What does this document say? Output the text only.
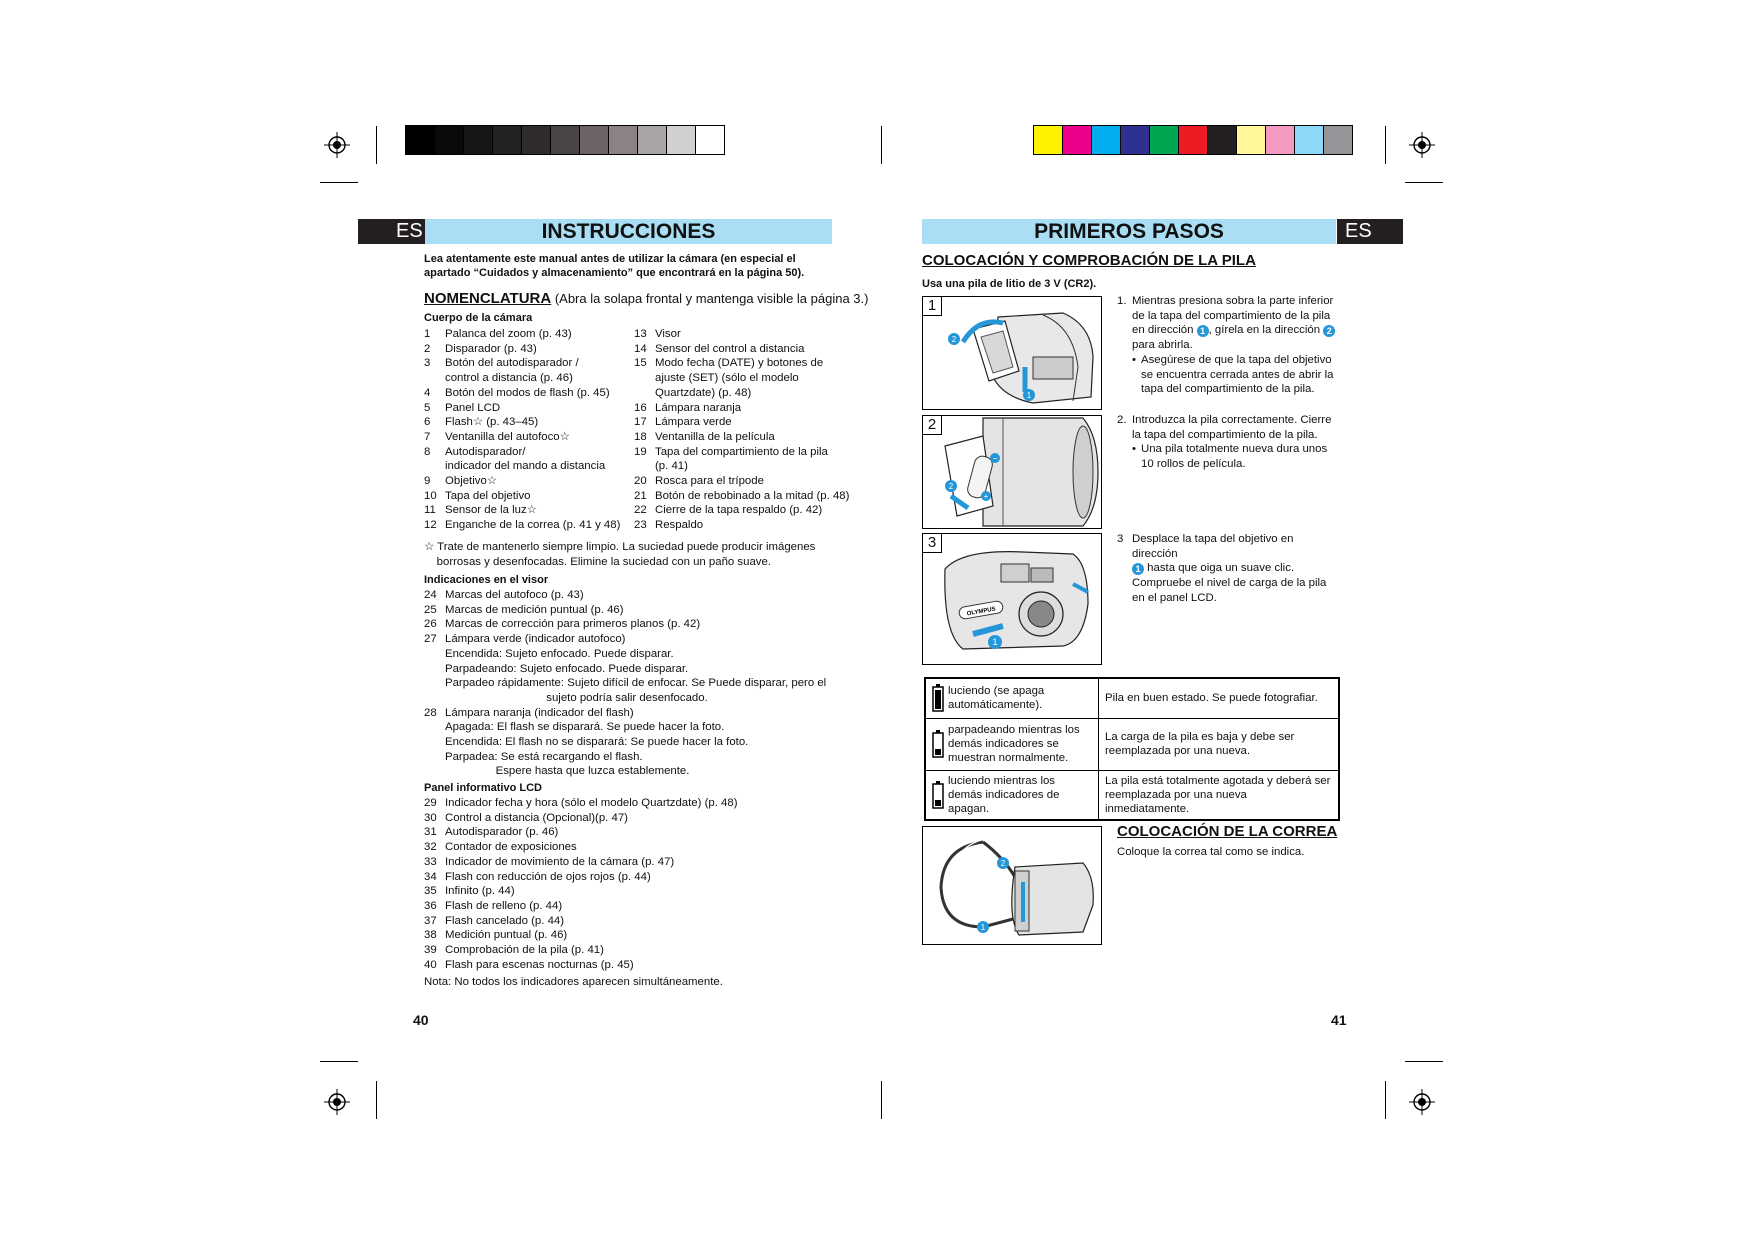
ES	INSTRUCCIONES
Lea atentamente este manual antes de utilizar la cámara (en especial el apartado “Cuidados y almacenamiento” que encontrará en la página 50).
NOMENCLATURA (Abra la solapa frontal y mantenga visible la página 3.)
Cuerpo de la cámara
1	Palanca del zoom (p. 43)
2	Disparador (p. 43)
3	Botón del autodisparador /
control a distancia (p. 46)
4	Botón del modos de flash (p. 45)
5	Panel LCD
6	Flash☆ (p. 43–45)
7	Ventanilla del autofoco☆
8	Autodisparador/
indicador del mando a distancia
9	Objetivo☆
10 Tapa del objetivo
11 Sensor de la luz☆
12 Enganche de la correa (p. 41 y 48)
13 Visor
14 Sensor del control a distancia
15 Modo fecha (DATE) y botones de
ajuste (SET) (sólo el modelo
Quartzdate) (p. 48)
16 Lámpara naranja
17 Lámpara verde
18 Ventanilla de la película
19 Tapa del compartimiento de la pila
(p. 41)
20 Rosca para el trípode
21 Botón de rebobinado a la mitad (p. 48)
22 Cierre de la tapa respaldo (p. 42)
23 Respaldo
☆ Trate de mantenerlo siempre limpio. La suciedad puede producir imágenes
borrosas y desenfocadas. Elimine la suciedad con un paño suave.
Indicaciones en el visor
24 Marcas del autofoco (p. 43)
25 Marcas de medición puntual (p. 46)
26 Marcas de corrección para primeros planos (p. 42)
27 Lámpara verde (indicador autofoco)
Encendida: Sujeto enfocado. Puede disparar.
Parpadeando: Sujeto enfocado. Puede disparar.
Parpadeo rápidamente: Sujeto difícil de enfocar. Se Puede disparar, pero el
sujeto podría salir desenfocado.
28 Lámpara naranja (indicador del flash)
Apagada: El flash se disparará. Se puede hacer la foto.
Encendida: El flash no se disparará: Se puede hacer la foto.
Parpadea: Se está recargando el flash.
Espere hasta que luzca establemente.
Panel informativo LCD
29 Indicador fecha y hora (sólo el modelo Quartzdate) (p. 48)
30 Control a distancia (Opcional)(p. 47)
31 Autodisparador (p. 46)
32 Contador de exposiciones
33 Indicador de movimiento de la cámara (p. 47)
34 Flash con reducción de ojos rojos (p. 44)
35 Infinito (p. 44)
36 Flash de relleno (p. 44)
37 Flash cancelado (p. 44)
38 Medición puntual (p. 46)
39 Comprobación de la pila (p. 41)
40 Flash para escenas nocturnas (p. 45)
Nota: No todos los indicadores aparecen simultáneamente.
40
PRIMEROS PASOS	ES
COLOCACIÓN Y COMPROBACIÓN DE LA PILA
Usa una pila de litio de 3 V (CR2).
1
2
1
2
−
+
2
3
OLYMPUS
1
1. Mientras presiona sobra la parte inferior de la tapa del compartimiento de la pila en dirección 1 , gírela en la dirección 2 para abrirla.
• Asegúrese de que la tapa del objetivo se encuentra cerrada antes de abrir la tapa del compartimiento de la pila.
2. Introduzca la pila correctamente. Cierre la tapa del compartimiento de la pila.
• Una pila totalmente nueva dura unos 10 rollos de película.
3 Desplace la tapa del objetivo en dirección
1 hasta que oiga un suave clic. Compruebe el nivel de carga de la pila en el panel LCD.
luciendo (se apaga automáticamente).	Pila en buen estado. Se puede fotografiar.

parpadeando mientras los demás indicadores se muestran normalmente.	La carga de la pila es baja y debe ser reemplazada por una nueva.

luciendo mientras los demás indicadores de apagan.	La pila está totalmente agotada y deberá ser reemplazada por una nueva inmediatamente.
2
1
COLOCACIÓN DE LA CORREA
Coloque la correa tal como se indica.
41
